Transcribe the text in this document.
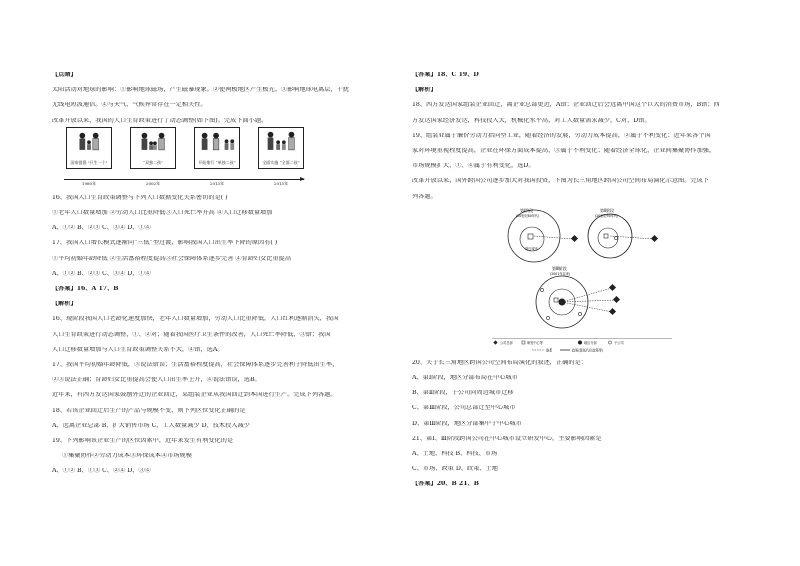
【点睛】

太阳活动对地球的影响：①影响地球磁场，产生磁暴现象。②使两极地区产生极光。③影响地球电离层，干扰

无线电短波通信。④与天气、气候异常存在一定相关性。

改革开放以来，我国的人口生育政策进行了动态调整(如下图)。完成下面小题。

国家提倡 "只生一个"
1980年
“双独二孩”
2002年
开始推行 “单独二孩”
2013年
全面实施 “全面二孩”
2015年

16、我国人口生育政策调整与下列人口数据变化关系密切的是( )

①老年人口数量增加 ②劳动人口比重降低③人口死亡率升高 ④人口迁移数量增加

A、①② B、②③ C、③④ D、①④

17、我国人口增长模式逐渐向“三低”型过渡，影响我国人口出生率下降的原因有( )

①平均初婚年龄降低 ②生活富裕程度提高③社会保障体系逐步完善 ④育龄妇女比重提高

A、①② B、②③ C、③④ D、①④

【答案】16、A 17、B

【解析】

16、现阶段我国人口老龄化速度加快，老年人口数量增加，劳动人口比重降低，人口红利逐渐消失，我国

人口生育政策进行动态调整，①、②对；随着我国医疗卫生条件的改善，人口死亡率降低，③错；我国

人口迁移数量增加与人口生育政策调整关系不大，④错，选A。

17、我国平均初婚年龄降低，③说法错误；生活富裕程度提高，社会保障体系逐步完善利于降低出生率，

②③说法正确；育龄妇女比重提高会使人口出生率上升，④说法错误，选B。

近年来，有西方发达国家鼓励外迁的企业回迁，某组装企业从我国回迁到本国进行生产。完成下列各题。

18、若该企业回迁后生产的产品与规模不变，则下列区位变化正确的是

A、远离企业总部 B、扩大销售市场 C、工人数量减少 D、技术投入减少

19、下列影响该企业生产的区位因素中，近年来发生有利变化的是

①集聚协作②劳动力成本③环保成本④市场规模

A、①② B、①③ C、②④ D、③④

【答案】18、C 19、D

【解析】

18、西方发达国家组装企业回迁，离企业总部更近，A错；企业回迁后会远离中国这个巨大的消费市场，B错；西

方发达国家经济发达，科技投入大，机械化水平高，对工人数量需求减少，C对，D错。

19、组装业属于廉价劳动力指向型工业，随着经济的发展，劳动力成本提高，②属于不利变化；近年来各个国

家对环境重视程度提高，企业在环保方面成本提高，③属于不利变化；随着经济全球化，企业间集聚协作加强，

市场规模扩大，①、④属于有利变化，选D。

改革开放以来，国外跨国公司逐步加大对我国投资，下图为长三角地区跨国公司空间布局演化示意图。完成下

列各题。

第Ⅰ阶段
(20世纪80年代)
周边城市
第Ⅱ阶段
(20世纪90年代)
第Ⅲ阶段
(2001年以来)
公司总部	研发中心等	地区分部	子公司
联系	政策(降低代价政策等)

20、关于长三角地区跨国公司空间布局演化的叙述，正确的是：

A、第Ⅰ阶段，地区分部布局在中心城市

B、第Ⅱ阶段，子公司向周边城市迁移

C、第Ⅲ阶段，公司总部迁至中心城市

D、第Ⅲ阶段，地区分部集中于中心城市

21、第Ⅰ、Ⅲ阶段跨国公司在中心城市设立研发中心，主要影响因素是

A、土地、科技 B、科技、市场

C、市场、政策 D、政策、土地

【答案】20、B 21、B
